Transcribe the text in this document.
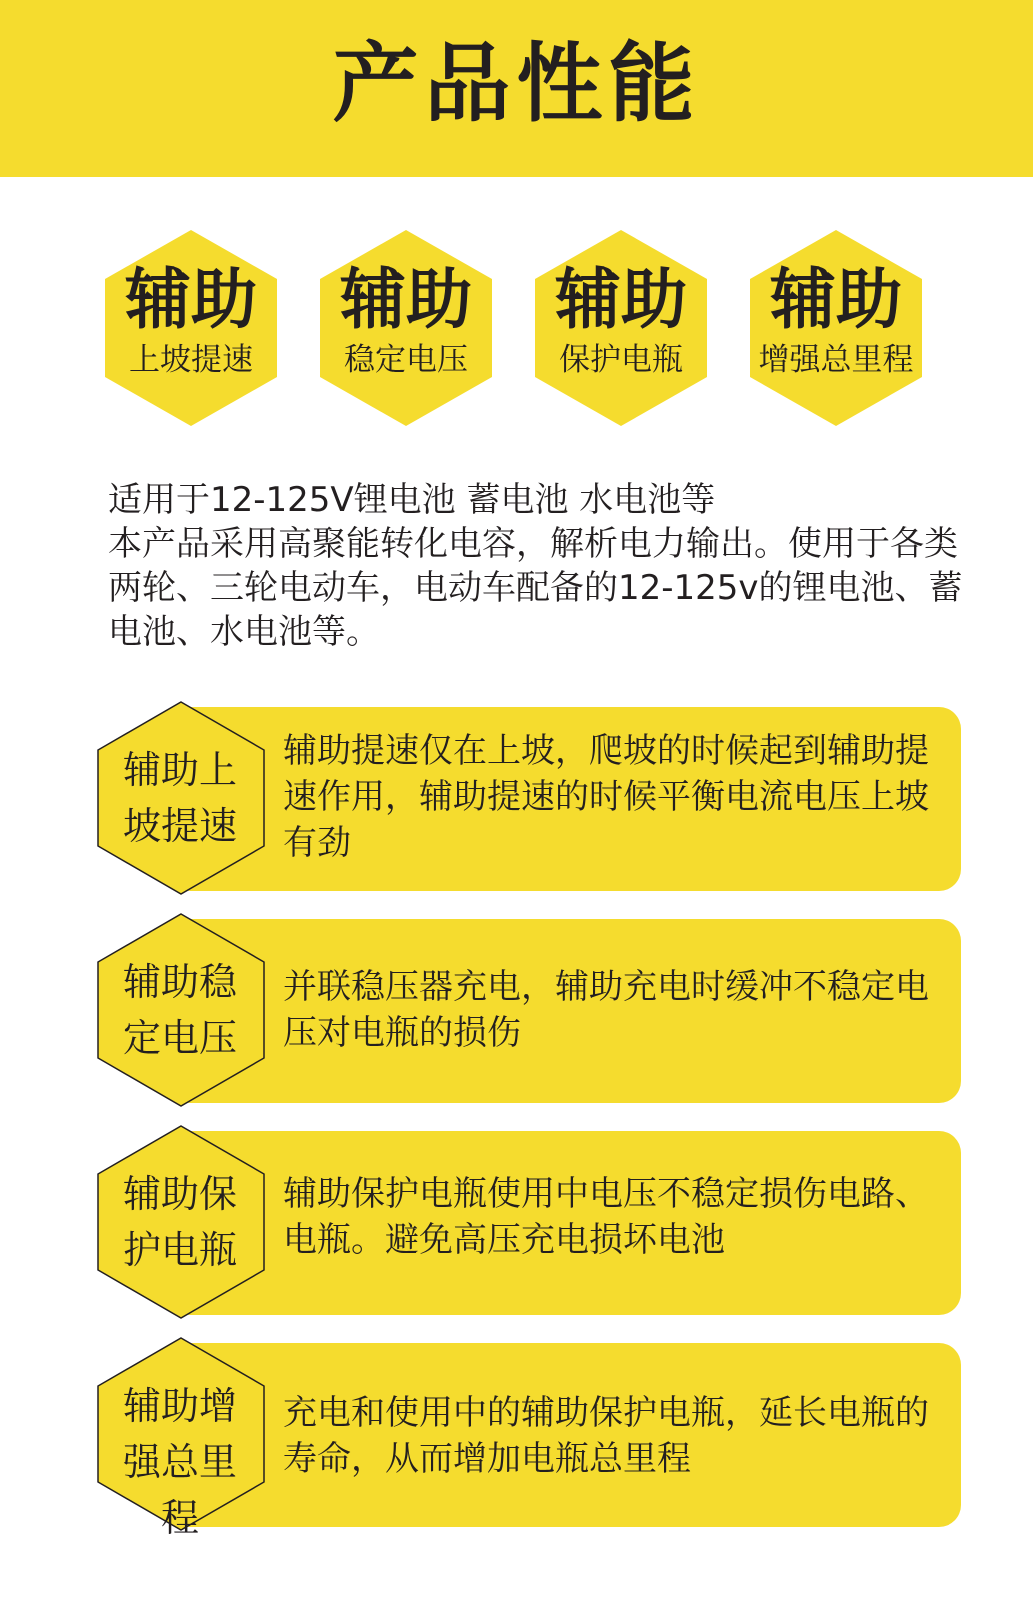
产品性能
辅助
上坡提速
辅助
稳定电压
辅助
保护电瓶
辅助
增强总里程

适用于12-125V锂电池 蓄电池 水电池等

本产品采用高聚能转化电容，解析电力输出。使用于各类两轮、三轮电动车，电动车配备的12-125v的锂电池、蓄电池、水电池等。

辅助上
坡提速
辅助提速仅在上坡，爬坡的时候起到辅助提速作用，辅助提速的时候平衡电流电压上坡有劲
辅助稳
定电压
并联稳压器充电，辅助充电时缓冲不稳定电压对电瓶的损伤
辅助保
护电瓶
辅助保护电瓶使用中电压不稳定损伤电路、电瓶。避免高压充电损坏电池
辅助增
强总里程
充电和使用中的辅助保护电瓶，延长电瓶的寿命，从而增加电瓶总里程
